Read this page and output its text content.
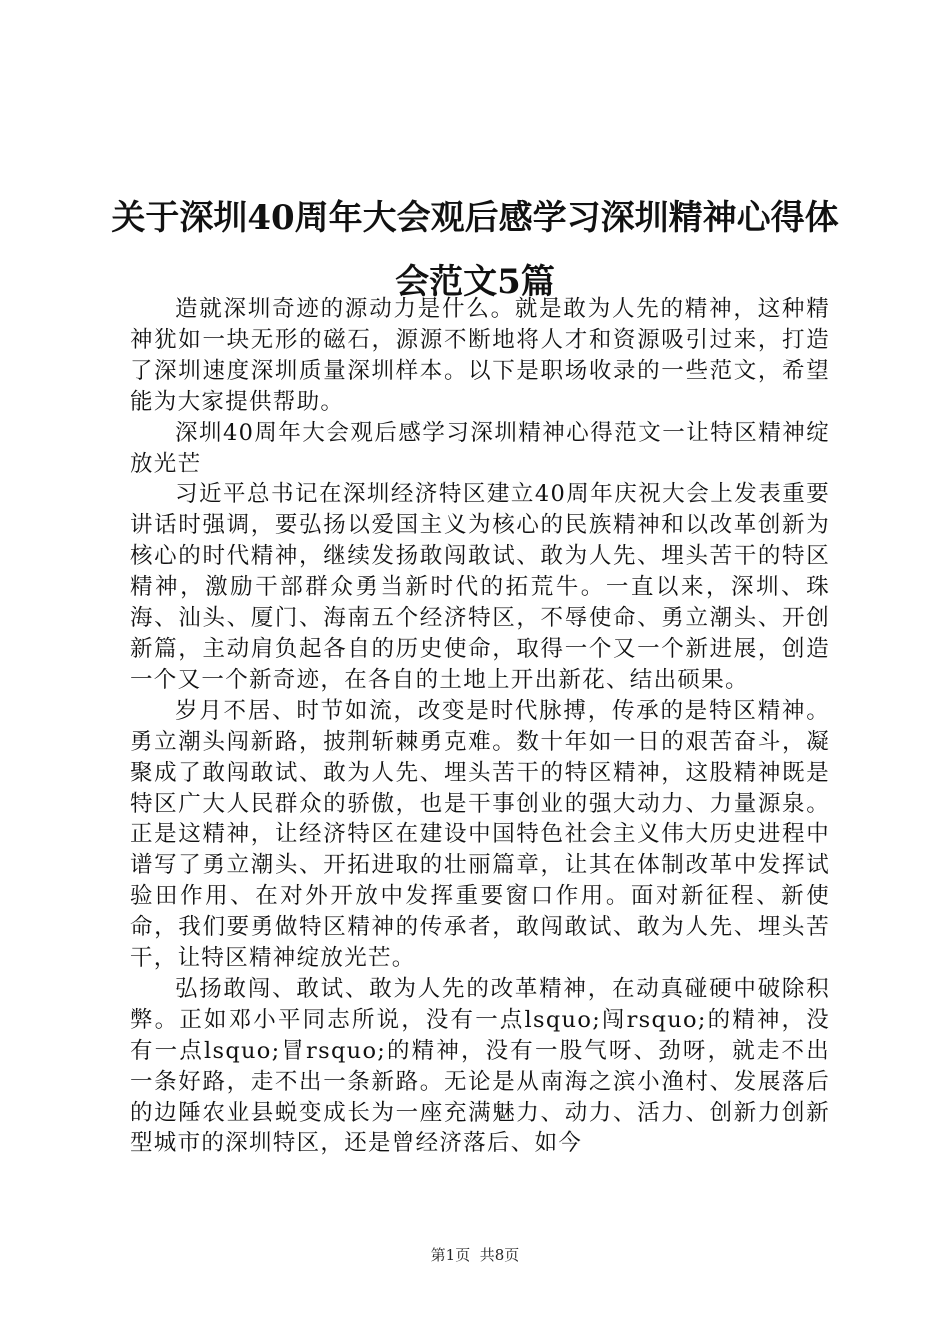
关于深圳40周年大会观后感学习深圳精神心得体会范文5篇

造就深圳奇迹的源动力是什么。就是敢为人先的精神，这种精神犹如一块无形的磁石，源源不断地将人才和资源吸引过来，打造了深圳速度深圳质量深圳样本。以下是职场收录的一些范文，希望能为大家提供帮助。

深圳40周年大会观后感学习深圳精神心得范文一让特区精神绽放光芒

习近平总书记在深圳经济特区建立40周年庆祝大会上发表重要讲话时强调，要弘扬以爱国主义为核心的民族精神和以改革创新为核心的时代精神，继续发扬敢闯敢试、敢为人先、埋头苦干的特区精神，激励干部群众勇当新时代的拓荒牛。一直以来，深圳、珠海、汕头、厦门、海南五个经济特区，不辱使命、勇立潮头、开创新篇，主动肩负起各自的历史使命，取得一个又一个新进展，创造一个又一个新奇迹，在各自的土地上开出新花、结出硕果。

岁月不居、时节如流，改变是时代脉搏，传承的是特区精神。勇立潮头闯新路，披荆斩棘勇克难。数十年如一日的艰苦奋斗，凝聚成了敢闯敢试、敢为人先、埋头苦干的特区精神，这股精神既是特区广大人民群众的骄傲，也是干事创业的强大动力、力量源泉。正是这精神，让经济特区在建设中国特色社会主义伟大历史进程中谱写了勇立潮头、开拓进取的壮丽篇章，让其在体制改革中发挥试验田作用、在对外开放中发挥重要窗口作用。面对新征程、新使命，我们要勇做特区精神的传承者，敢闯敢试、敢为人先、埋头苦干，让特区精神绽放光芒。

弘扬敢闯、敢试、敢为人先的改革精神，在动真碰硬中破除积弊。正如邓小平同志所说，没有一点lsquo;闯rsquo;的精神，没有一点lsquo;冒rsquo;的精神，没有一股气呀、劲呀，就走不出一条好路，走不出一条新路。无论是从南海之滨小渔村、发展落后的边陲农业县蜕变成长为一座充满魅力、动力、活力、创新力创新型城市的深圳特区，还是曾经济落后、如今

第1页 共8页
